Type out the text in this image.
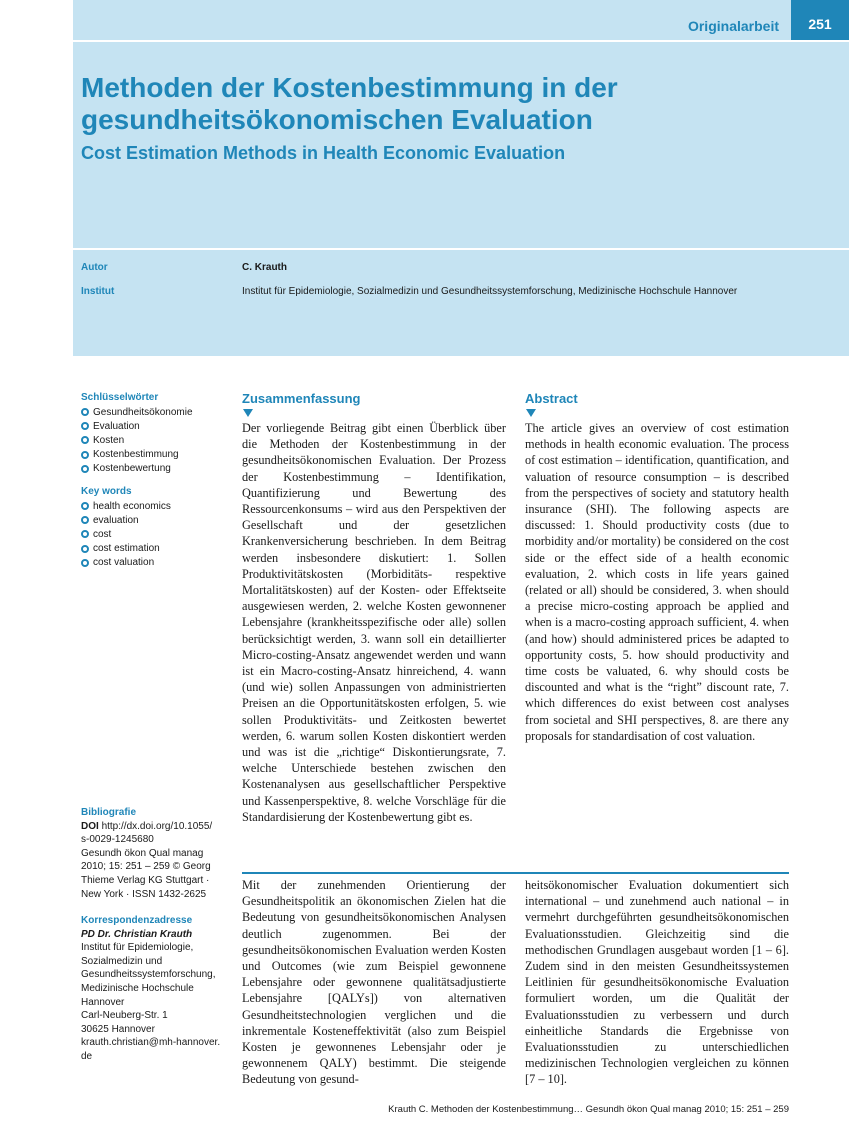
Originalarbeit	251
Methoden der Kostenbestimmung in der gesundheitsökonomischen Evaluation
Cost Estimation Methods in Health Economic Evaluation
Autor	C. Krauth
Institut	Institut für Epidemiologie, Sozialmedizin und Gesundheitssystemforschung, Medizinische Hochschule Hannover
Schlüsselwörter
Gesundheitsökonomie
Evaluation
Kosten
Kostenbestimmung
Kostenbewertung
Key words
health economics
evaluation
cost
cost estimation
cost valuation
Bibliografie
DOI http://dx.doi.org/10.1055/
s-0029-1245680
Gesundh ökon Qual manag
2010; 15: 251 – 259 © Georg
Thieme Verlag KG Stuttgart ·
New York · ISSN 1432-2625
Korrespondenzadresse
PD Dr. Christian Krauth
Institut für Epidemiologie,
Sozialmedizin und
Gesundheitssystemforschung,
Medizinische Hochschule
Hannover
Carl-Neuberg-Str. 1
30625 Hannover
krauth.christian@mh-hannover.
de
Zusammenfassung

Der vorliegende Beitrag gibt einen Überblick über die Methoden der Kostenbestimmung in der gesundheitsökonomischen Evaluation. Der Prozess der Kostenbestimmung – Identifikation, Quantifizierung und Bewertung des Ressourcenkonsums – wird aus den Perspektiven der Gesellschaft und der gesetzlichen Krankenversicherung beschrieben. In dem Beitrag werden insbesondere diskutiert: 1. Sollen Produktivitätskosten (Morbiditäts- respektive Mortalitätskosten) auf der Kosten- oder Effektseite ausgewiesen werden, 2. welche Kosten gewonnener Lebensjahre (krankheitsspezifische oder alle) sollen berücksichtigt werden, 3. wann soll ein detaillierter Micro-costing-Ansatz angewendet werden und wann ist ein Macro-costing-Ansatz hinreichend, 4. wann (und wie) sollen Anpassungen von administrierten Preisen an die Opportunitätskosten erfolgen, 5. wie sollen Produktivitäts- und Zeitkosten bewertet werden, 6. warum sollen Kosten diskontiert werden und was ist die „richtige“ Diskontierungsrate, 7. welche Unterschiede bestehen zwischen den Kostenanalysen aus gesellschaftlicher Perspektive und Kassenperspektive, 8. welche Vorschläge für die Standardisierung der Kostenbewertung gibt es.

Abstract

The article gives an overview of cost estimation methods in health economic evaluation. The process of cost estimation – identification, quantification, and valuation of resource consumption – is described from the perspectives of society and statutory health insurance (SHI). The following aspects are discussed: 1. Should productivity costs (due to morbidity and/or mortality) be considered on the cost side or the effect side of a health economic evaluation, 2. which costs in life years gained (related or all) should be considered, 3. when should a precise micro-costing approach be applied and when is a macro-costing approach sufficient, 4. when (and how) should administered prices be adapted to opportunity costs, 5. how should productivity and time costs be valuated, 6. why should costs be discounted and what is the “right” discount rate, 7. which differences do exist between cost analyses from societal and SHI perspectives, 8. are there any proposals for standardisation of cost valuation.

Mit der zunehmenden Orientierung der Gesundheitspolitik an ökonomischen Zielen hat die Bedeutung von gesundheitsökonomischen Analysen deutlich zugenommen. Bei der gesundheitsökonomischen Evaluation werden Kosten und Outcomes (wie zum Beispiel gewonnene Lebensjahre oder gewonnene qualitätsadjustierte Lebensjahre [QALYs]) von alternativen Gesundheitstechnologien verglichen und die inkrementale Kosteneffektivität (also zum Beispiel Kosten je gewonnenes Lebensjahr oder je gewonnenem QALY) bestimmt. Die steigende Bedeutung von gesund-
heitsökonomischer Evaluation dokumentiert sich international – und zunehmend auch national – in vermehrt durchgeführten gesundheitsökonomischen Evaluationsstudien. Gleichzeitig sind die methodischen Grundlagen ausgebaut worden [1 – 6]. Zudem sind in den meisten Gesundheitssystemen Leitlinien für gesundheitsökonomische Evaluation formuliert worden, um die Qualität der Evaluationsstudien zu verbessern und durch einheitliche Standards die Ergebnisse von Evaluationsstudien zu unterschiedlichen medizinischen Technologien vergleichen zu können [7 – 10].
Krauth C. Methoden der Kostenbestimmung… Gesundh ökon Qual manag 2010; 15: 251 – 259
